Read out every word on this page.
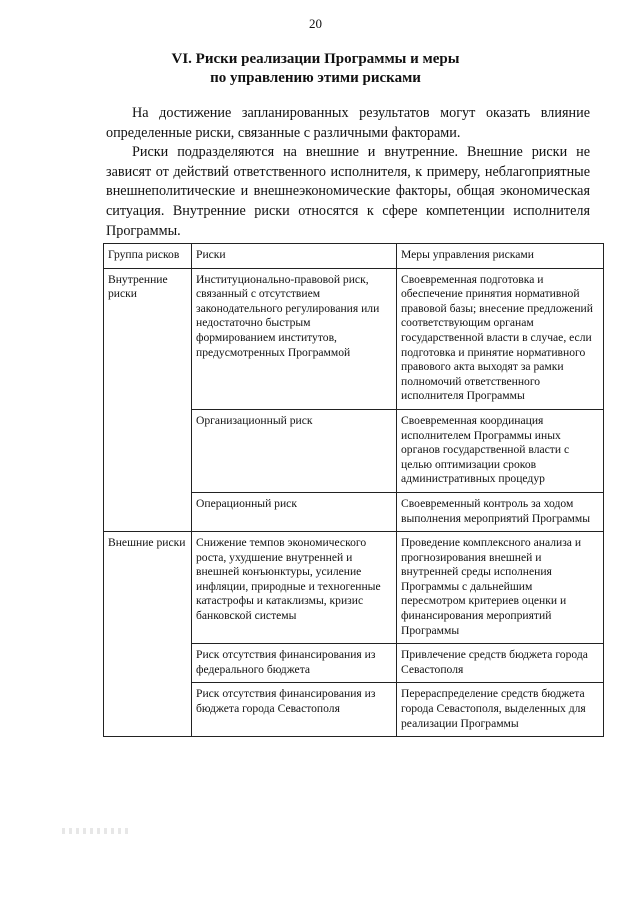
20
VI. Риски реализации Программы и меры
по управлению этими рисками

На достижение запланированных результатов могут оказать влияние определенные риски, связанные с различными факторами.

Риски подразделяются на внешние и внутренние. Внешние риски не зависят от действий ответственного исполнителя, к примеру, неблагоприятные внешнеполитические и внешнеэкономические факторы, общая экономическая ситуация. Внутренние риски относятся к сфере компетенции исполнителя Программы.

Группа рисков	Риски	Меры управления рисками
Внутренние риски	Институционально-правовой риск, связанный с отсутствием законодательного регулирования или недостаточно быстрым формированием институтов, предусмотренных Программой	Своевременная подготовка и обеспечение принятия нормативной правовой базы; внесение предложений соответствующим органам государственной власти в случае, если подготовка и принятие нормативного правового акта выходят за рамки полномочий ответственного исполнителя Программы
	Организационный риск	Своевременная координация исполнителем Программы иных органов государственной власти с целью оптимизации сроков административных процедур
	Операционный риск	Своевременный контроль за ходом выполнения мероприятий Программы
Внешние риски	Снижение темпов экономического роста, ухудшение внутренней и внешней конъюнктуры, усиление инфляции, природные и техногенные катастрофы и катаклизмы, кризис банковской системы	Проведение комплексного анализа и прогнозирования внешней и внутренней среды исполнения Программы с дальнейшим пересмотром критериев оценки и финансирования мероприятий Программы
	Риск отсутствия финансирования из федерального бюджета	Привлечение средств бюджета города Севастополя
	Риск отсутствия финансирования из бюджета города Севастополя	Перераспределение средств бюджета города Севастополя, выделенных для реализации Программы
